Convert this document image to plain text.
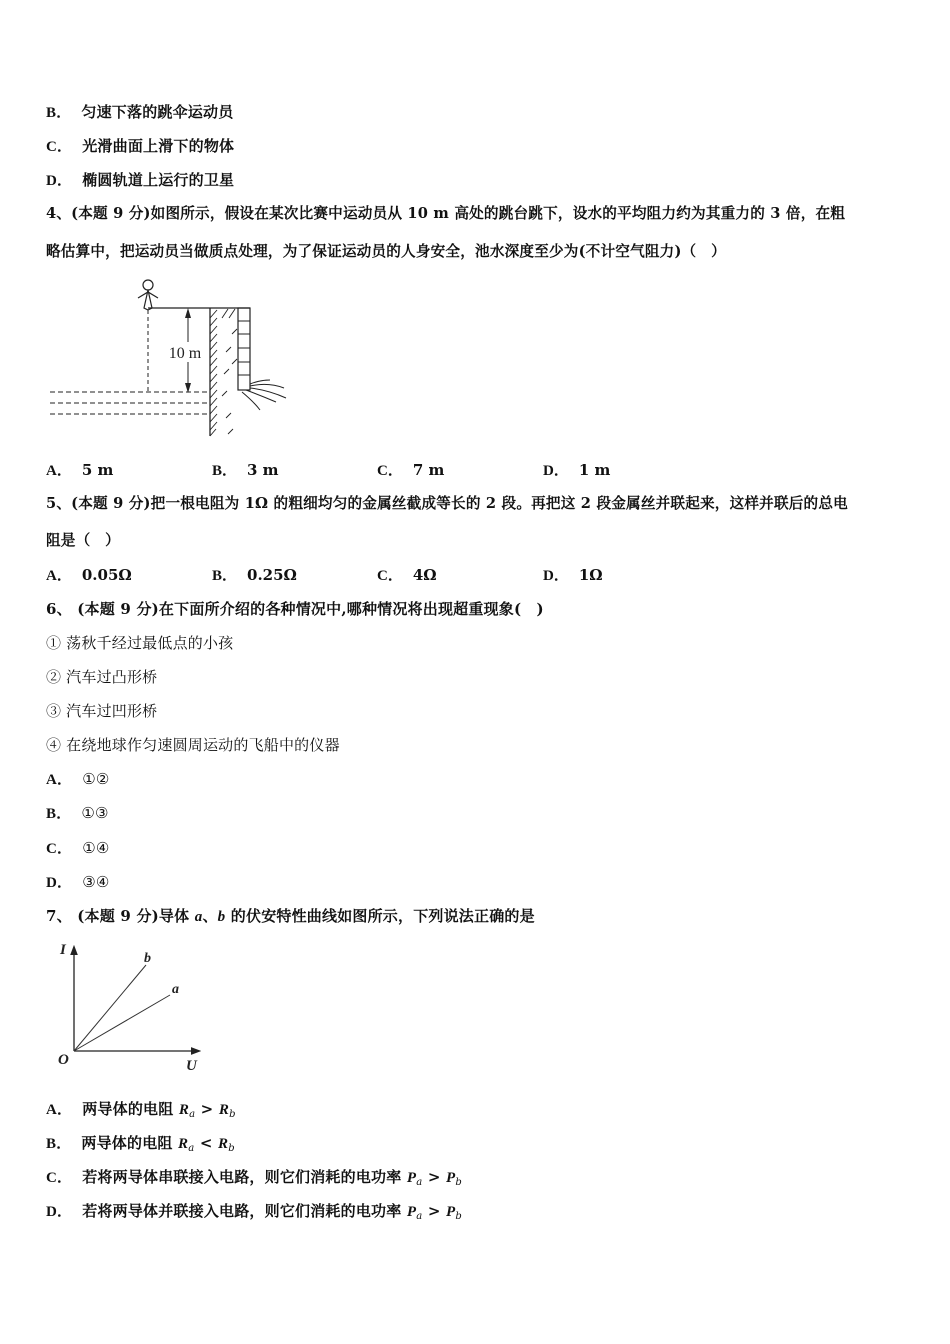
B． 匀速下落的跳伞运动员
C． 光滑曲面上滑下的物体
D． 椭圆轨道上运行的卫星
4、(本题 9 分)如图所示，假设在某次比赛中运动员从 10 m 高处的跳台跳下，设水的平均阻力约为其重力的 3 倍，在粗
略估算中，把运动员当做质点处理，为了保证运动员的人身安全，池水深度至少为(不计空气阻力)（　）
10 m
A． 5 m	B． 3 m	C． 7 m	D． 1 m
5、(本题 9 分)把一根电阻为 1Ω 的粗细均匀的金属丝截成等长的 2 段。再把这 2 段金属丝并联起来，这样并联后的总电
阻是（　）
A． 0.05Ω	B． 0.25Ω	C． 4Ω	D． 1Ω
6、 (本题 9 分)在下面所介绍的各种情况中,哪种情况将出现超重现象(　)
① 荡秋千经过最低点的小孩
② 汽车过凸形桥
③ 汽车过凹形桥
④ 在绕地球作匀速圆周运动的飞船中的仪器
A． ①②
B． ①③
C． ①④
D． ③④
7、 (本题 9 分)导体 a、b 的伏安特性曲线如图所示，下列说法正确的是
I
U
O
b
a
A． 两导体的电阻 $R_a > R_b$
B． 两导体的电阻 $R_a < R_b$
C． 若将两导体串联接入电路，则它们消耗的电功率 $P_a > P_b$
D． 若将两导体并联接入电路，则它们消耗的电功率 $P_a > P_b$
